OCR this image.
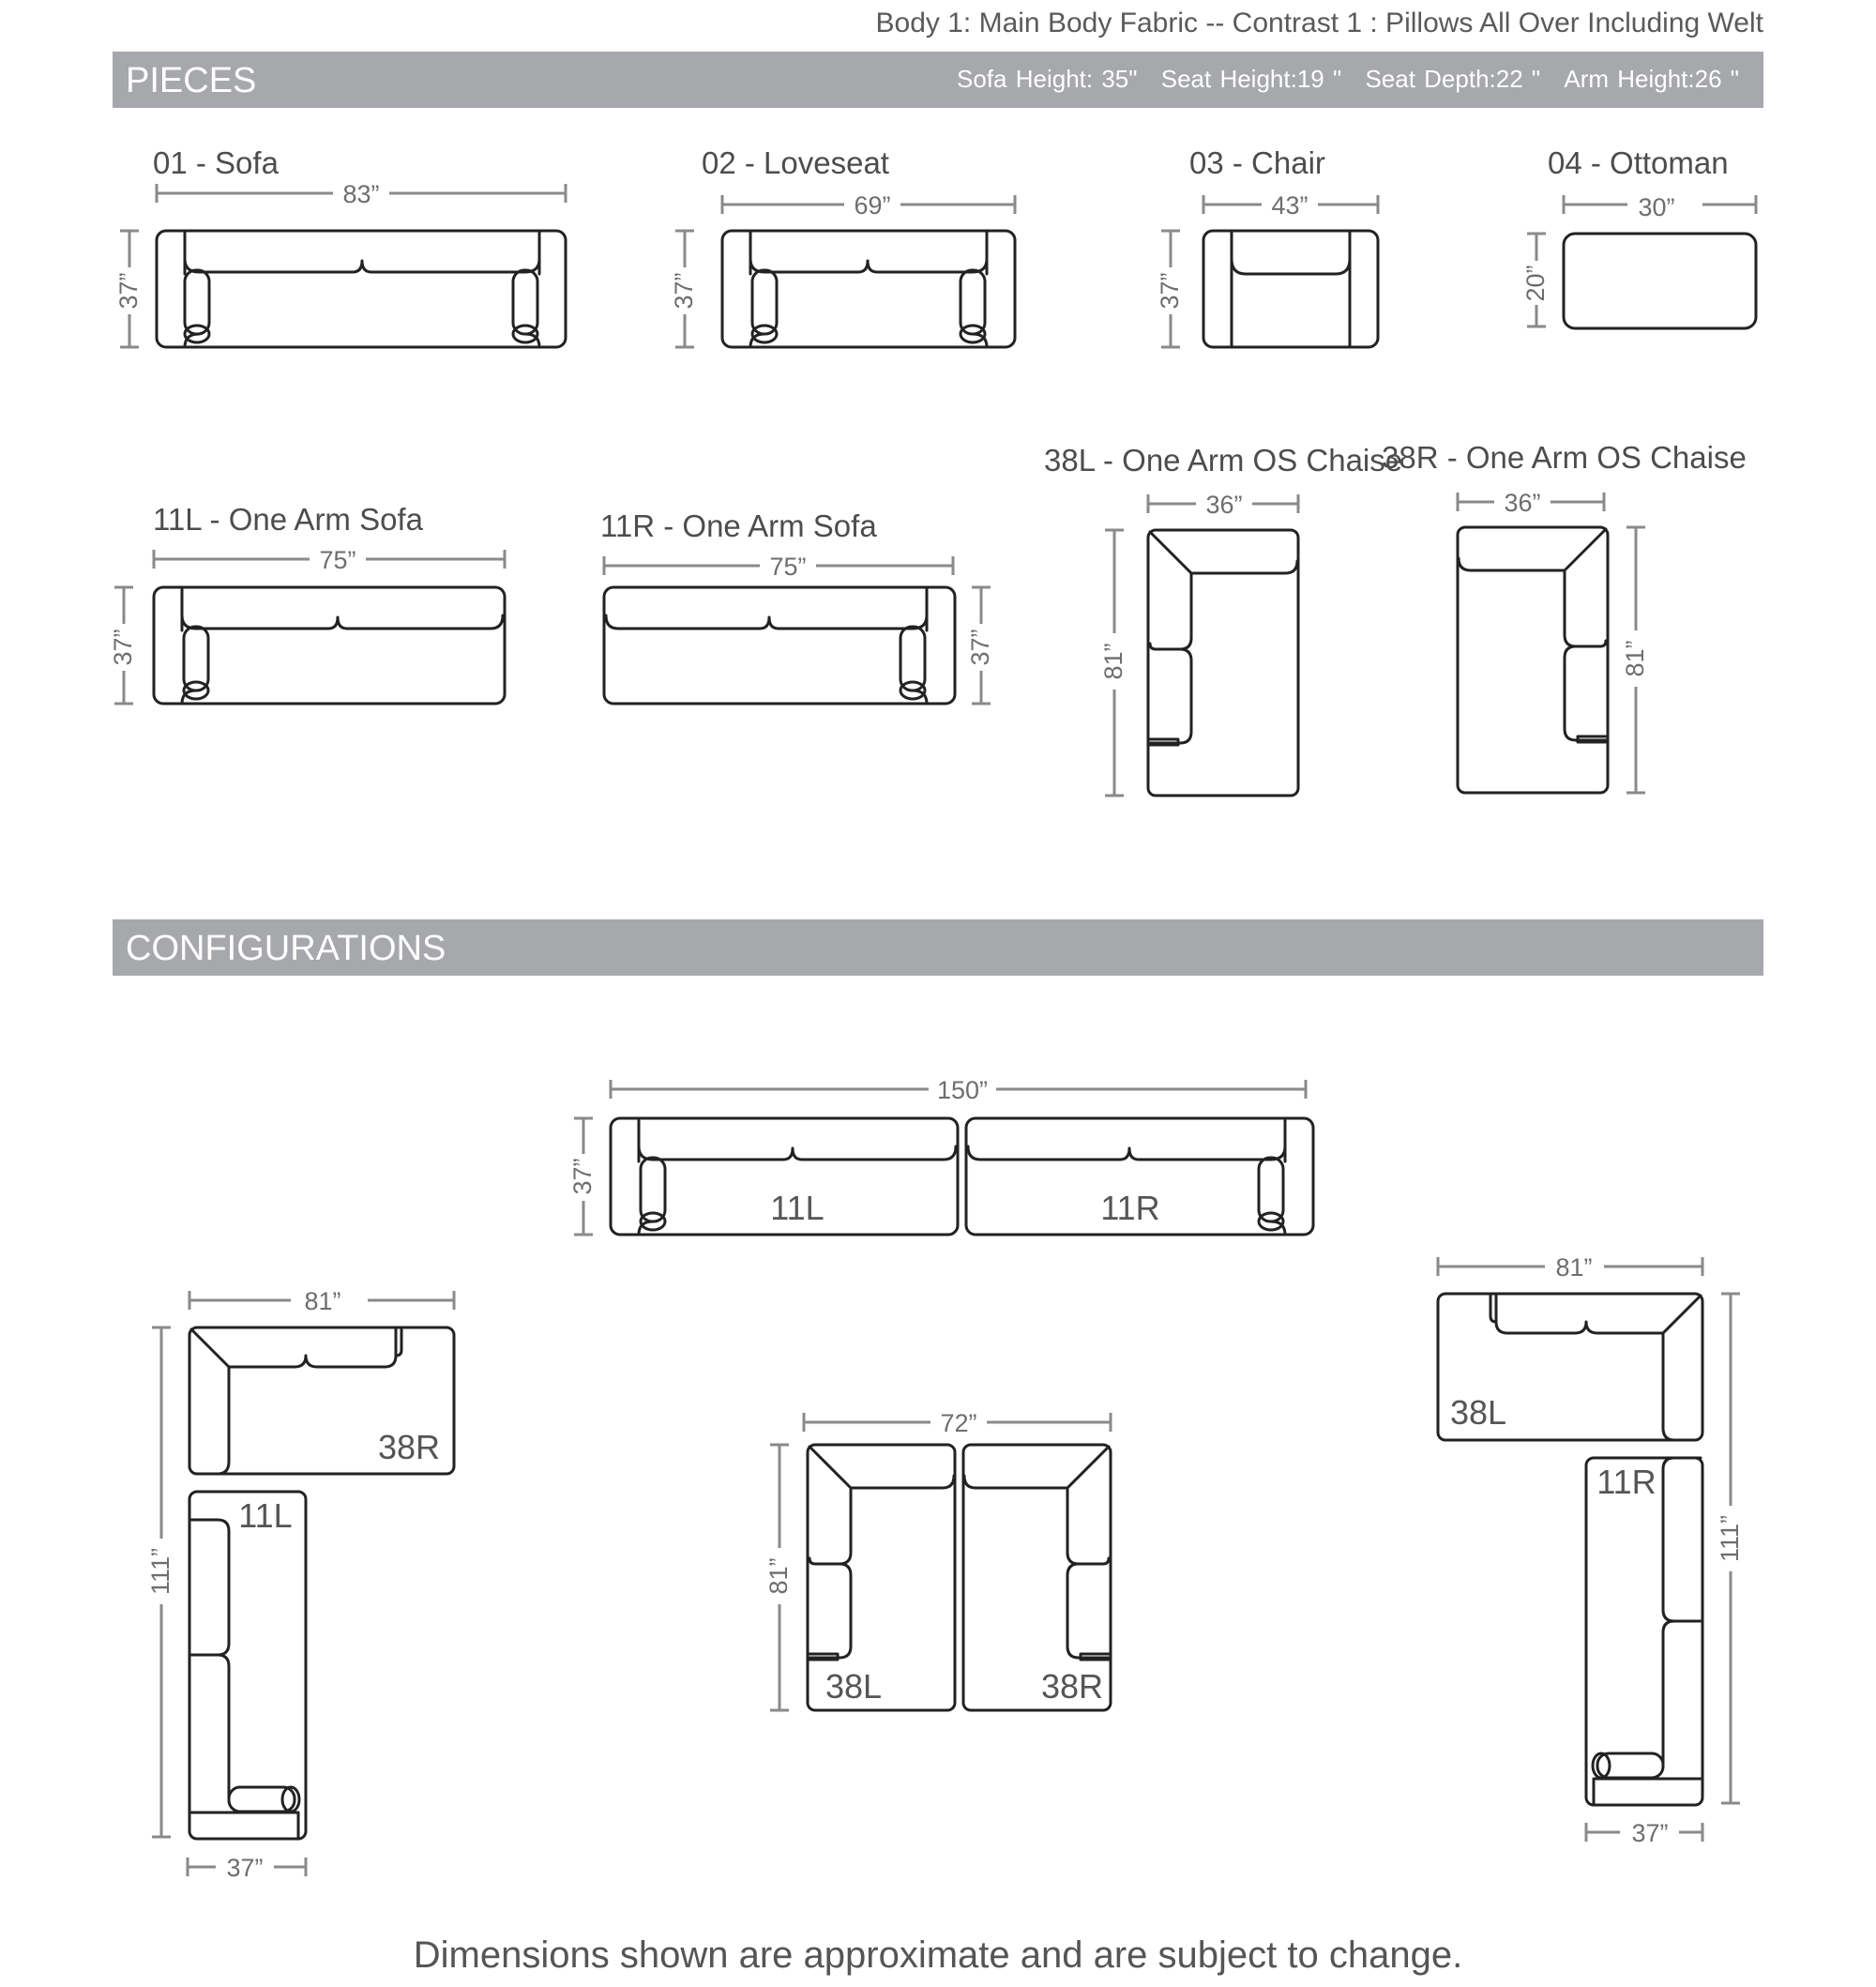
Body 1: Main Body Fabric -- Contrast 1 : Pillows All Over Including Welt
PIECES	Sofa Height: 35" Seat Height:19 " Seat Depth:22 " Arm Height:26 "
01 - Sofa	02 - Loveseat	03 - Chair	04 - Ottoman
11L - One Arm Sofa	11R - One Arm Sofa
38L - One Arm OS Chaise
38R - One Arm OS Chaise
CONFIGURATIONS
83”
37”
69”
37”
43”
37”
30”
20”
75”
37”
75”
37”
36”
81”
36”
81”
11L	11R
150”
37”
38R
11L
81”
111”
37”
38L	38R
72”
81”
38L
11R
81”
111”
37”
Dimensions shown are approximate and are subject to change.
